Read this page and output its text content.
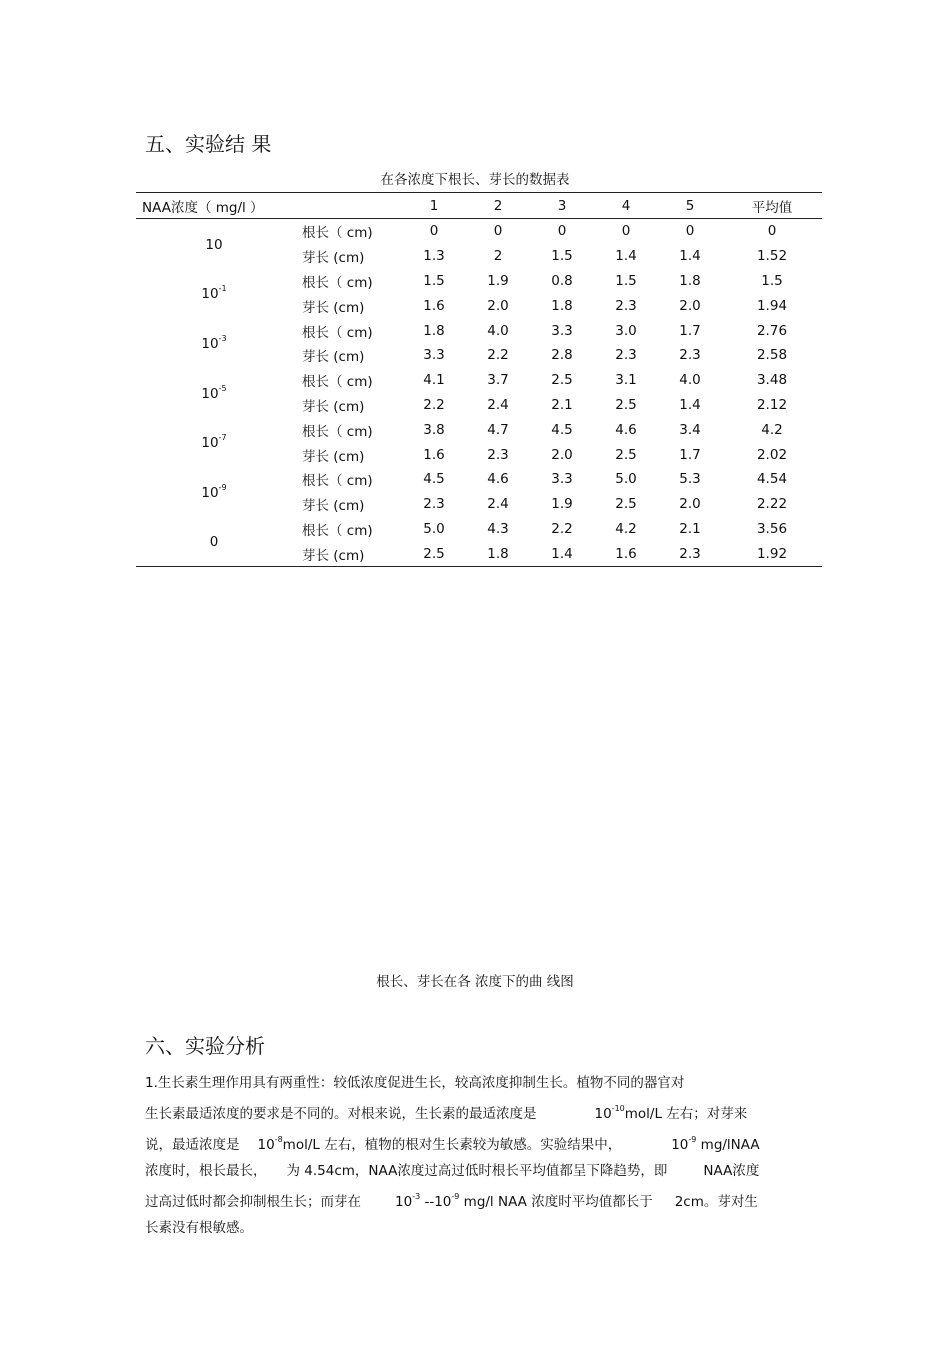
五、实验结 果
在各浓度下根长、芽长的数据表
NAA浓度（ mg/l ）		1	2	3	4	5	平均值
10	根长（ cm)	0	0	0	0	0	0
	芽长 (cm)	1.3	2	1.5	1.4	1.4	1.52
$10^{-1}$	根长（ cm)	1.5	1.9	0.8	1.5	1.8	1.5
	芽长 (cm)	1.6	2.0	1.8	2.3	2.0	1.94
$10^{-3}$	根长（ cm)	1.8	4.0	3.3	3.0	1.7	2.76
	芽长 (cm)	3.3	2.2	2.8	2.3	2.3	2.58
$10^{-5}$	根长（ cm)	4.1	3.7	2.5	3.1	4.0	3.48
	芽长 (cm)	2.2	2.4	2.1	2.5	1.4	2.12
$10^{-7}$	根长（ cm)	3.8	4.7	4.5	4.6	3.4	4.2
	芽长 (cm)	1.6	2.3	2.0	2.5	1.7	2.02
$10^{-9}$	根长（ cm)	4.5	4.6	3.3	5.0	5.3	4.54
	芽长 (cm)	2.3	2.4	1.9	2.5	2.0	2.22
0	根长（ cm)	5.0	4.3	2.2	4.2	2.1	3.56
	芽长 (cm)	2.5	1.8	1.4	1.6	2.3	1.92
根长、芽长在各 浓度下的曲 线图
六、实验分析

1.生长素生理作用具有两重性：较低浓度促进生长，较高浓度抑制生长。植物不同的器官对

生长素最适浓度的要求是不同的。对根来说，生长素的最适浓度是	$10^{-10}mol/L$ 左右；对芽来

说，最适浓度是 $10^{-8}mol/L$ 左右，植物的根对生长素较为敏感。实验结果中，	$10^{-9}$ mg/lNAA

浓度时，根长最长， 为 4.54cm，NAA浓度过高过低时根长平均值都呈下降趋势，即	NAA浓度

过高过低时都会抑制根生长；而芽在	$10^{-3}$ $--10^{-9}$ mg/l NAA 浓度时平均值都长于 2cm。芽对生

长素没有根敏感。
